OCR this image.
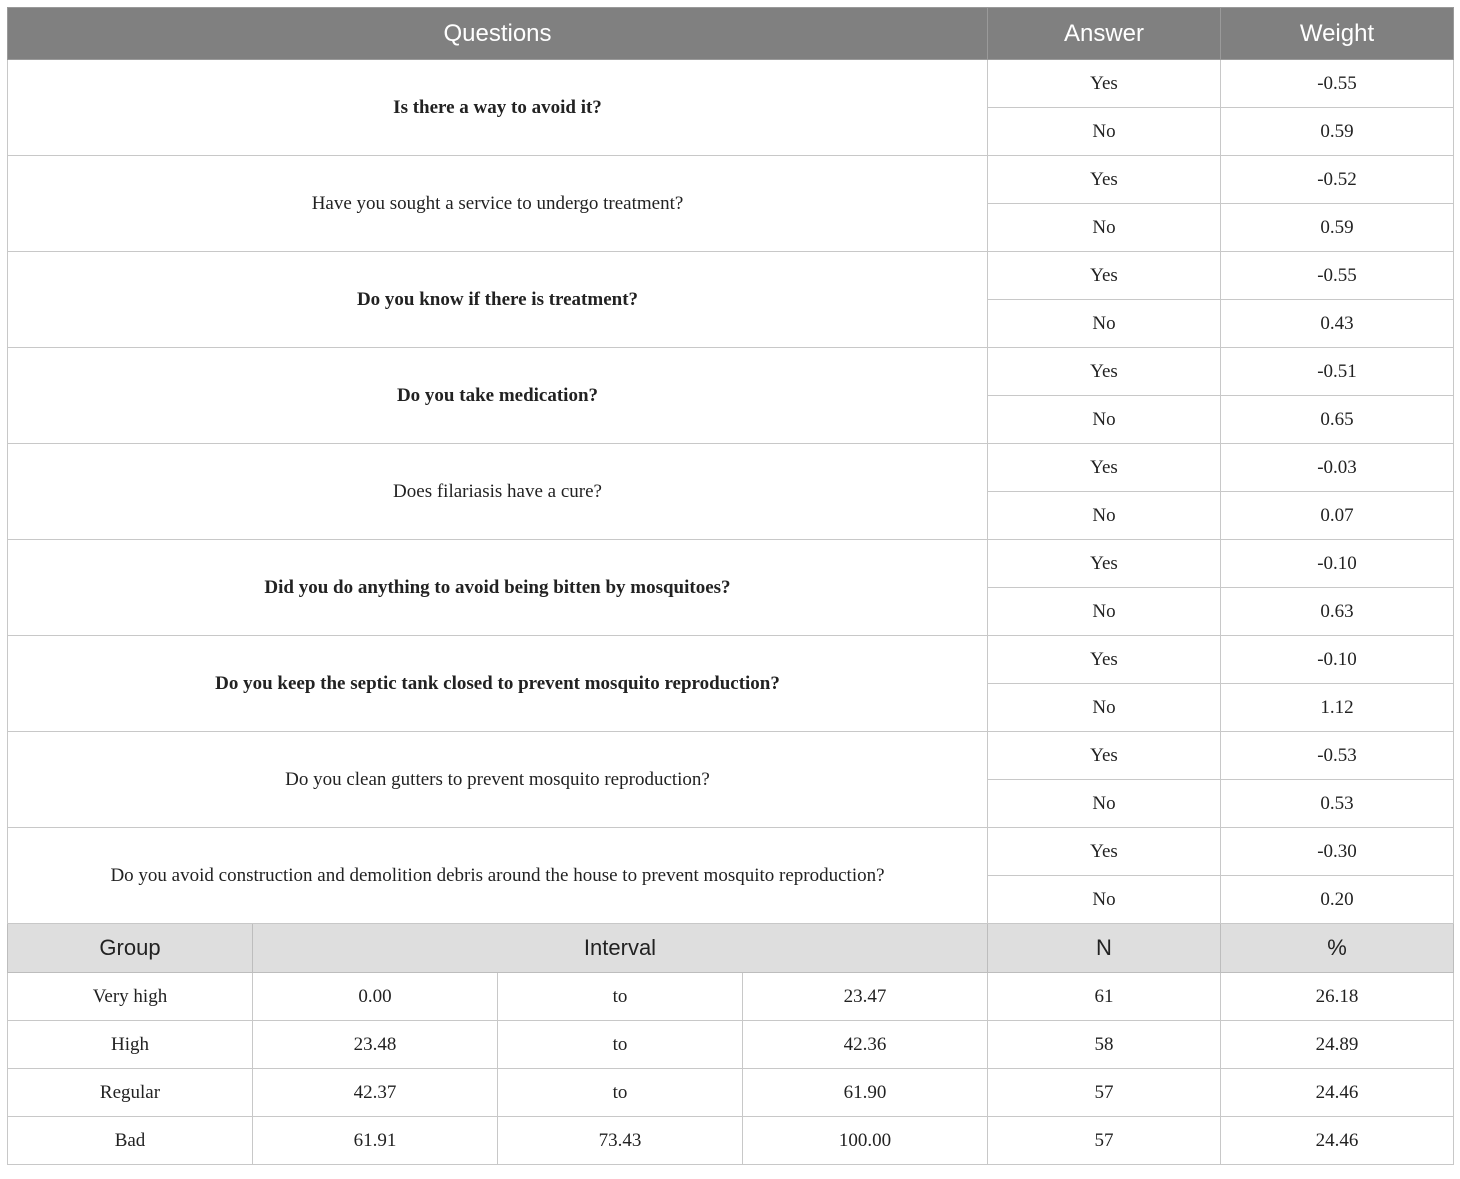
Questions				Answer	Weight
Is there a way to avoid it?				Yes	-0.55
				No	0.59
Have you sought a service to undergo treatment?				Yes	-0.52
				No	0.59
Do you know if there is treatment?				Yes	-0.55
				No	0.43
Do you take medication?				Yes	-0.51
				No	0.65
Does filariasis have a cure?				Yes	-0.03
				No	0.07
Did you do anything to avoid being bitten by mosquitoes?				Yes	-0.10
				No	0.63
Do you keep the septic tank closed to prevent mosquito reproduction?				Yes	-0.10
				No	1.12
Do you clean gutters to prevent mosquito reproduction?				Yes	-0.53
				No	0.53
Do you avoid construction and demolition debris around the house to prevent mosquito reproduction?				Yes	-0.30
				No	0.20
Group	Interval			N	%
Very high	0.00	to	23.47	61	26.18
High	23.48	to	42.36	58	24.89
Regular	42.37	to	61.90	57	24.46
Bad	61.91	73.43	100.00	57	24.46
